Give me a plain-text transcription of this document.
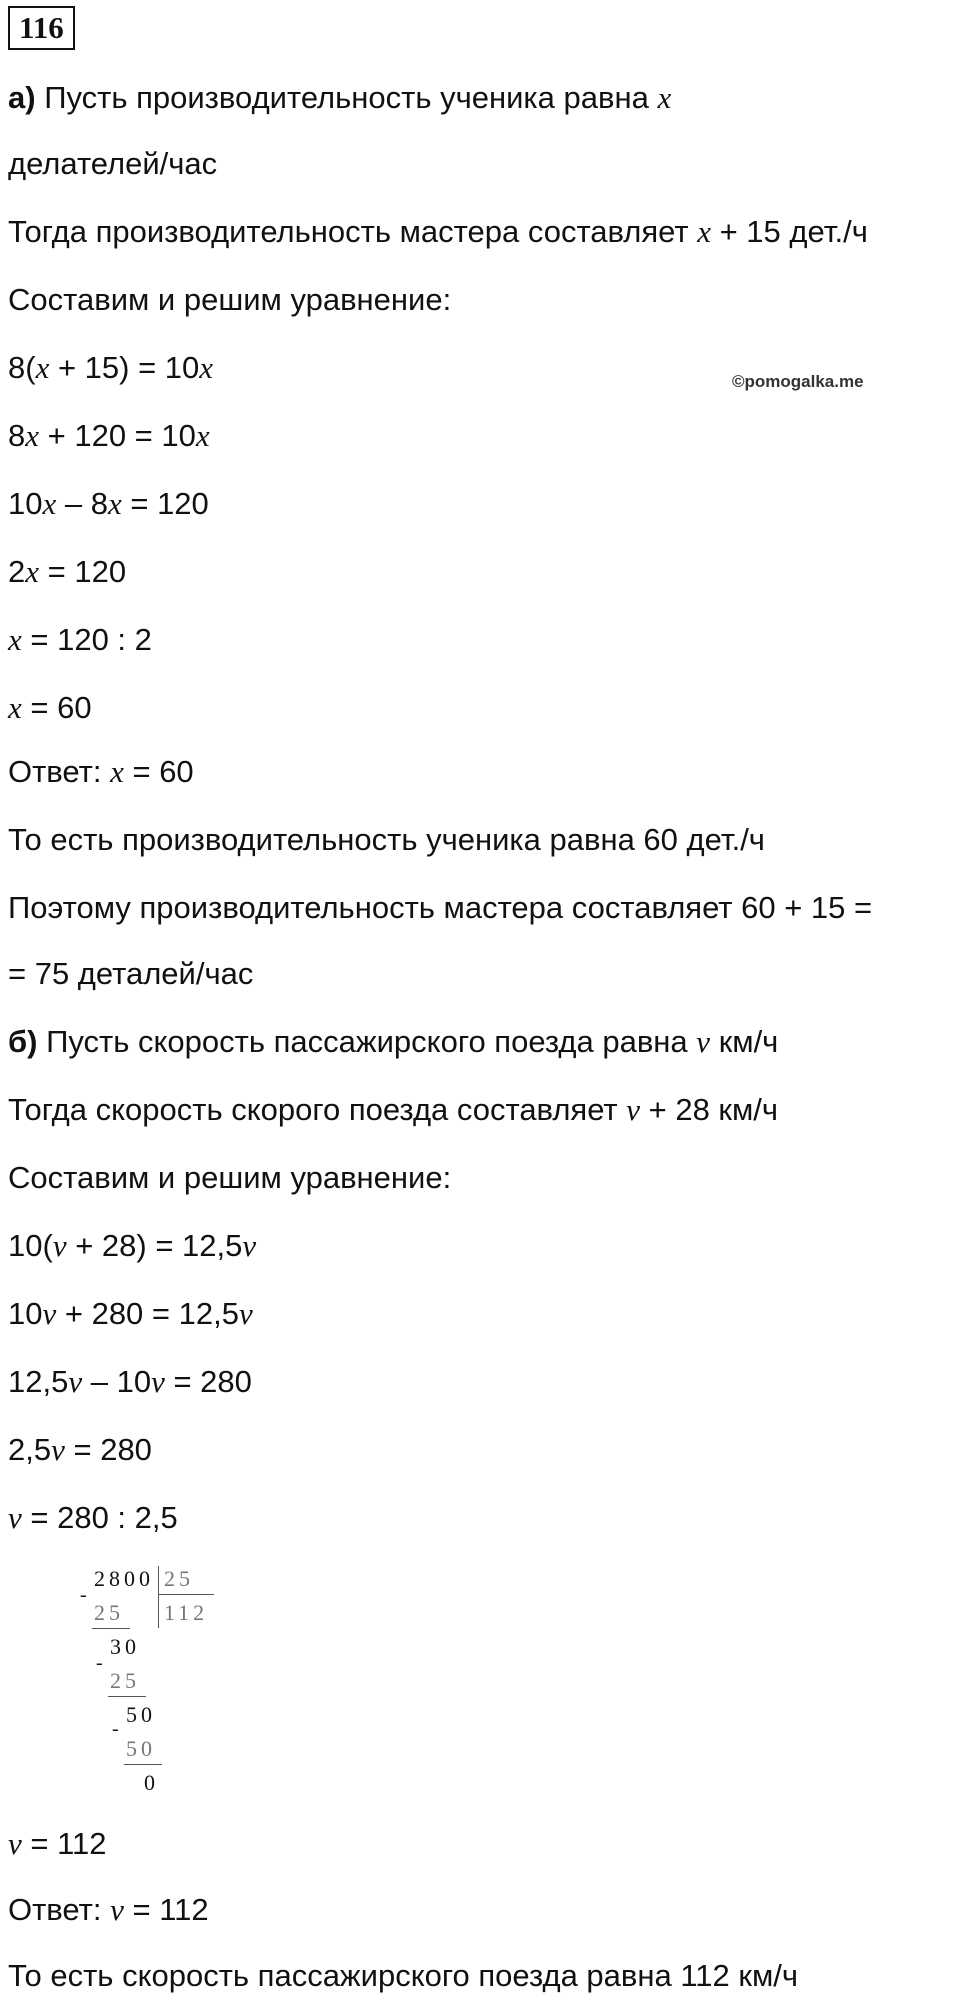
116
©pomogalka.me
а) Пусть производительность ученика равна x
делателей/час
Тогда производительность мастера составляет x + 15 дет./ч
Составим и решим уравнение:
8(x + 15) = 10x
8x + 120 = 10x
10x – 8x = 120
2x = 120
x = 120 : 2
x = 60
Ответ: x = 60
То есть производительность ученика равна 60 дет./ч
Поэтому производительность мастера составляет 60 + 15 =
= 75 деталей/час
б) Пусть скорость пассажирского поезда равна v км/ч
Тогда скорость скорого поезда составляет v + 28 км/ч
Составим и решим уравнение:
10(v + 28) = 12,5v
10v + 280 = 12,5v
12,5v – 10v = 280
2,5v = 280
v = 280 : 2,5
2800 25
112
-
25
30
-
25
50
-
50
0
v = 112
Ответ: v = 112
То есть скорость пассажирского поезда равна 112 км/ч
